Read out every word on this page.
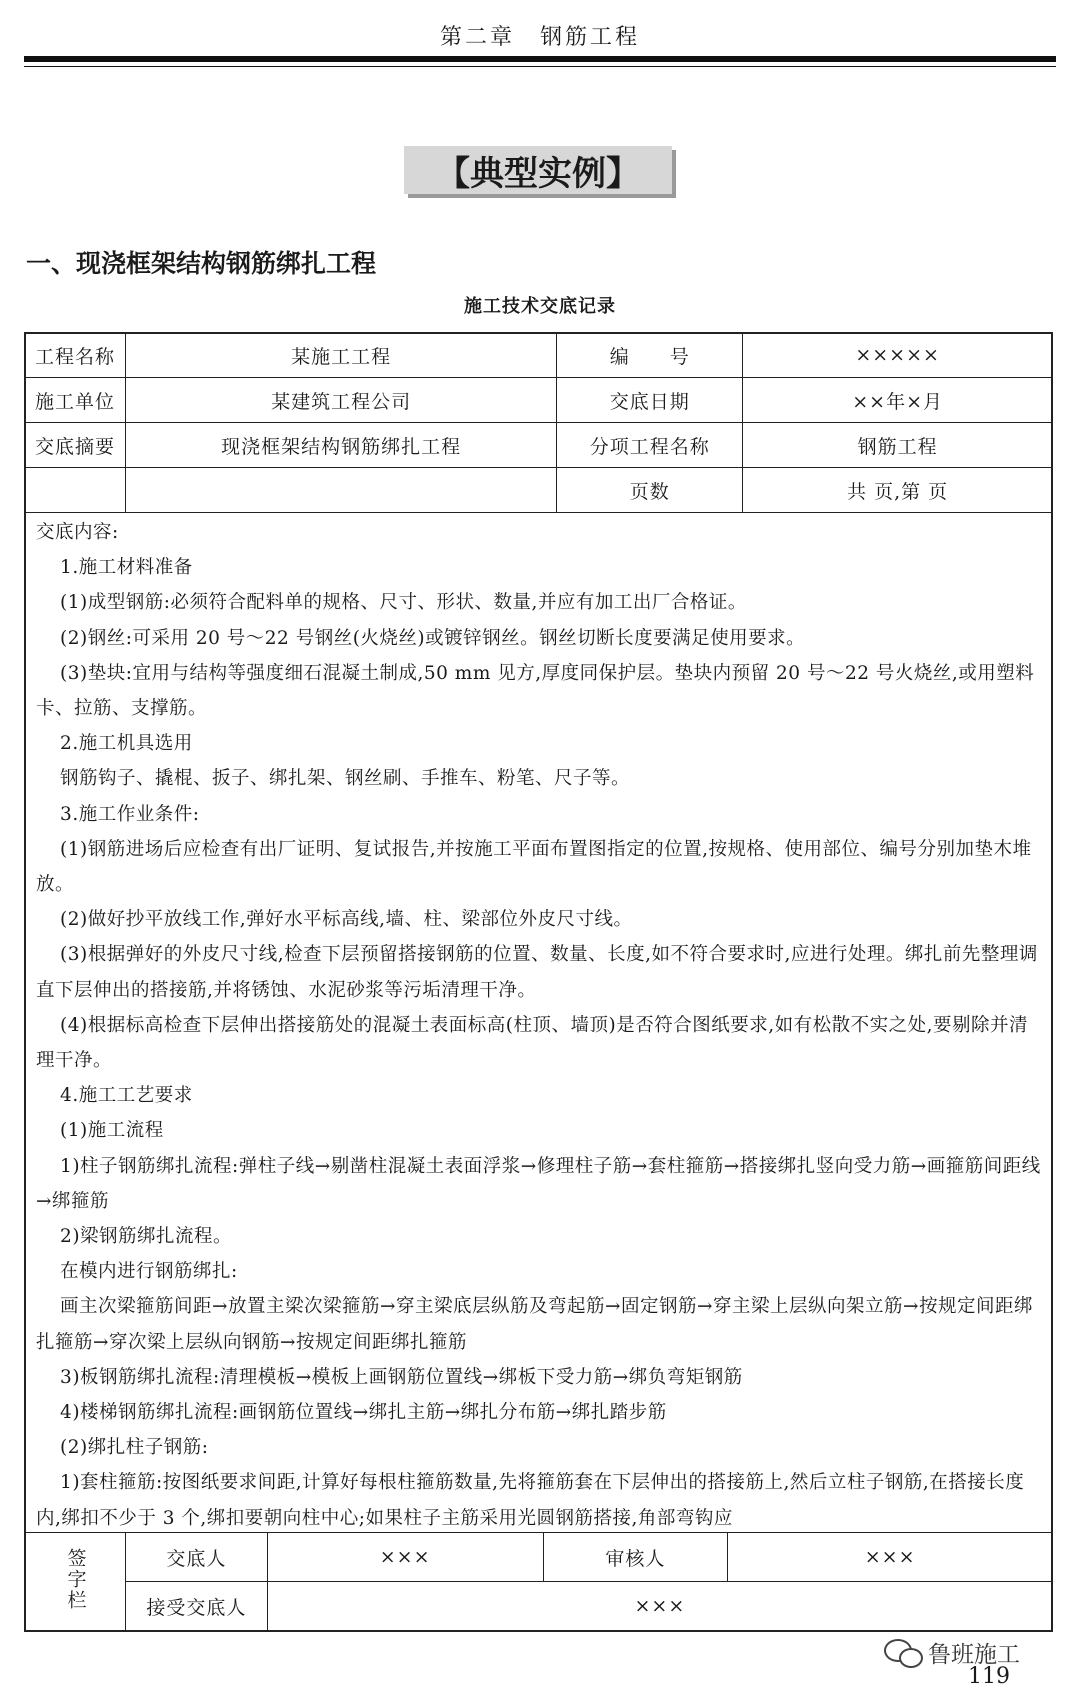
第二章　钢筋工程
【典型实例】
一、现浇框架结构钢筋绑扎工程
施工技术交底记录
工程名称	某施工工程	编　　号	×××××
施工单位	某建筑工程公司	交底日期	××年×月
交底摘要	现浇框架结构钢筋绑扎工程	分项工程名称	钢筋工程
		页数	共 页,第 页

交底内容:

1.施工材料准备

(1)成型钢筋:必须符合配料单的规格、尺寸、形状、数量,并应有加工出厂合格证。

(2)钢丝:可采用 20 号～22 号钢丝(火烧丝)或镀锌钢丝。钢丝切断长度要满足使用要求。

(3)垫块:宜用与结构等强度细石混凝土制成,50 mm 见方,厚度同保护层。垫块内预留 20 号～22 号火烧丝,或用塑料卡、拉筋、支撑筋。

2.施工机具选用

钢筋钩子、撬棍、扳子、绑扎架、钢丝刷、手推车、粉笔、尺子等。

3.施工作业条件:

(1)钢筋进场后应检查有出厂证明、复试报告,并按施工平面布置图指定的位置,按规格、使用部位、编号分别加垫木堆放。

(2)做好抄平放线工作,弹好水平标高线,墙、柱、梁部位外皮尺寸线。

(3)根据弹好的外皮尺寸线,检查下层预留搭接钢筋的位置、数量、长度,如不符合要求时,应进行处理。绑扎前先整理调直下层伸出的搭接筋,并将锈蚀、水泥砂浆等污垢清理干净。

(4)根据标高检查下层伸出搭接筋处的混凝土表面标高(柱顶、墙顶)是否符合图纸要求,如有松散不实之处,要剔除并清理干净。

4.施工工艺要求

(1)施工流程

1)柱子钢筋绑扎流程:弹柱子线→剔凿柱混凝土表面浮浆→修理柱子筋→套柱箍筋→搭接绑扎竖向受力筋→画箍筋间距线→绑箍筋

2)梁钢筋绑扎流程。

在模内进行钢筋绑扎:

画主次梁箍筋间距→放置主梁次梁箍筋→穿主梁底层纵筋及弯起筋→固定钢筋→穿主梁上层纵向架立筋→按规定间距绑扎箍筋→穿次梁上层纵向钢筋→按规定间距绑扎箍筋

3)板钢筋绑扎流程:清理模板→模板上画钢筋位置线→绑板下受力筋→绑负弯矩钢筋

4)楼梯钢筋绑扎流程:画钢筋位置线→绑扎主筋→绑扎分布筋→绑扎踏步筋

(2)绑扎柱子钢筋:

1)套柱箍筋:按图纸要求间距,计算好每根柱箍筋数量,先将箍筋套在下层伸出的搭接筋上,然后立柱子钢筋,在搭接长度内,绑扣不少于 3 个,绑扣要朝向柱中心;如果柱子主筋采用光圆钢筋搭接,角部弯钩应

签字栏	交底人	×××	审核人	×××
	接受交底人	×××		
鲁班施工
119
